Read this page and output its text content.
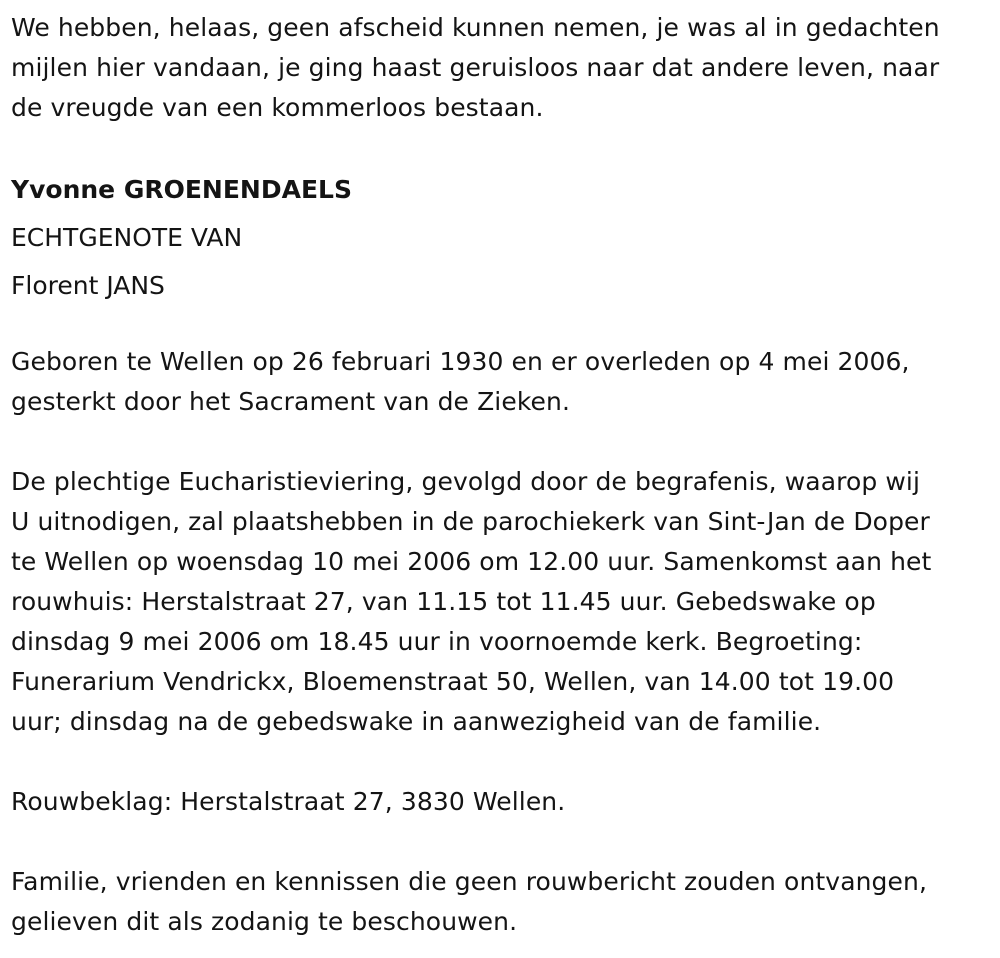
We hebben, helaas, geen afscheid kunnen nemen, je was al in gedachten
mijlen hier vandaan, je ging haast geruisloos naar dat andere leven, naar
de vreugde van een kommerloos bestaan.

Yvonne GROENENDAELS

ECHTGENOTE VAN

Florent JANS

Geboren te Wellen op 26 februari 1930 en er overleden op 4 mei 2006,
gesterkt door het Sacrament van de Zieken.

De plechtige Eucharistieviering, gevolgd door de begrafenis, waarop wij
U uitnodigen, zal plaatshebben in de parochiekerk van Sint-Jan de Doper
te Wellen op woensdag 10 mei 2006 om 12.00 uur. Samenkomst aan het
rouwhuis: Herstalstraat 27, van 11.15 tot 11.45 uur. Gebedswake op
dinsdag 9 mei 2006 om 18.45 uur in voornoemde kerk. Begroeting:
Funerarium Vendrickx, Bloemenstraat 50, Wellen, van 14.00 tot 19.00
uur; dinsdag na de gebedswake in aanwezigheid van de familie.

Rouwbeklag: Herstalstraat 27, 3830 Wellen.

Familie, vrienden en kennissen die geen rouwbericht zouden ontvangen,
gelieven dit als zodanig te beschouwen.
